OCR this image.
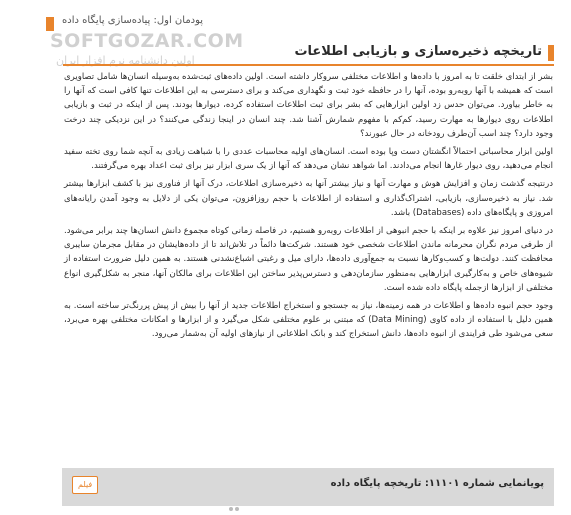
پودمان اول: پیاده‌سازی پایگاه داده
SOFTGOZAR.COM
اولین دانشنامه نرم افزار ایران
تاریخچه ذخیره‌سازی و بازیابی اطلاعات

بشر از ابتدای خلقت تا به امروز با داده‌ها و اطلاعات مختلفی سروکار داشته است. اولین داده‌های ثبت‌شده به‌وسیله انسان‌ها شامل تصاویری است که همیشه با آنها روبه‌رو بوده، آنها را در حافظه خود ثبت و نگهداری می‌کند و برای دسترسی به این اطلاعات تنها کافی است که آنها را به خاطر بیاورد. می‌توان حدس زد اولین ابزارهایی که بشر برای ثبت اطلاعات استفاده کرده، دیوارها بودند. پس از اینکه در ثبت و بازیابی اطلاعات روی دیوارها به مهارت رسید، کم‌کم با مفهوم شمارش آشنا شد. چند انسان در اینجا زندگی می‌کنند؟ در این نزدیکی چند درخت وجود دارد؟ چند اسب آن‌طرف رودخانه در حال عبورند؟

اولین ابزار محاسباتی احتمالاً انگشتان دست‌ وپا بوده است. انسان‌های اولیه محاسبات عددی را با شباهت زیادی به آنچه شما روی تخته سفید انجام می‌دهید، روی دیوار غارها انجام می‌دادند. اما شواهد نشان می‌دهد که آنها از یک سری ابزار نیز برای ثبت اعداد بهره می‌گرفتند.

درنتیجه گذشت زمان و افزایش هوش و مهارت آنها و نیاز بیشتر آنها به ذخیره‌سازی اطلاعات، درک آنها از فناوری نیز با کشف ابزارها بیشتر شد. نیاز به ذخیره‌سازی، بازیابی، اشتراک‌گذاری و استفاده از اطلاعات با حجم روزافزون، می‌توان یکی از دلایل به وجود آمدن رایانه‌های امروزی و پایگاه‌های داده (Databases) باشد.

در دنیای امروز نیز علاوه بر اینکه با حجم انبوهی از اطلاعات روبه‌رو هستیم، در فاصله زمانی کوتاه مجموع دانش انسان‌ها چند برابر می‌شود. از طرفی مردم نگران محرمانه ماندن اطلاعات شخصی خود هستند. شرکت‌ها دائماً در تلاش‌اند تا از داده‌هایشان در مقابل مجرمان سایبری محافظت کنند. دولت‌ها و کسب‌وکارها نسبت به جمع‌آوری داده‌ها، دارای میل و رغبتی اشباع‌نشدنی هستند. به همین دلیل ضرورت استفاده از شیوه‌های خاص و به‌کارگیری ابزارهایی به‌منظور سازمان‌دهی و دسترس‌پذیر ساختن این اطلاعات برای مالکان آنها، منجر به شکل‌گیری انواع مختلفی از ابزارها ازجمله پایگاه داده شده است.

وجود حجم انبوه داده‌ها و اطلاعات در همه زمینه‌ها، نیاز به جستجو و استخراج اطلاعات جدید از آنها را بیش از پیش پررنگ‌تر ساخته است. به همین دلیل با استفاده از داده کاوی (Data Mining) که مبتنی بر علوم مختلفی شکل می‌گیرد و از ابزارها و امکانات مختلفی بهره می‌برد، سعی می‌شود طی فرایندی از انبوه داده‌ها، دانش استخراج کند و بانک اطلاعاتی از نیازهای اولیه آن به‌شمار می‌رود.

پویانمایی شماره ۱۱۱۰۱: تاریخچه پایگاه داده
فیلم
